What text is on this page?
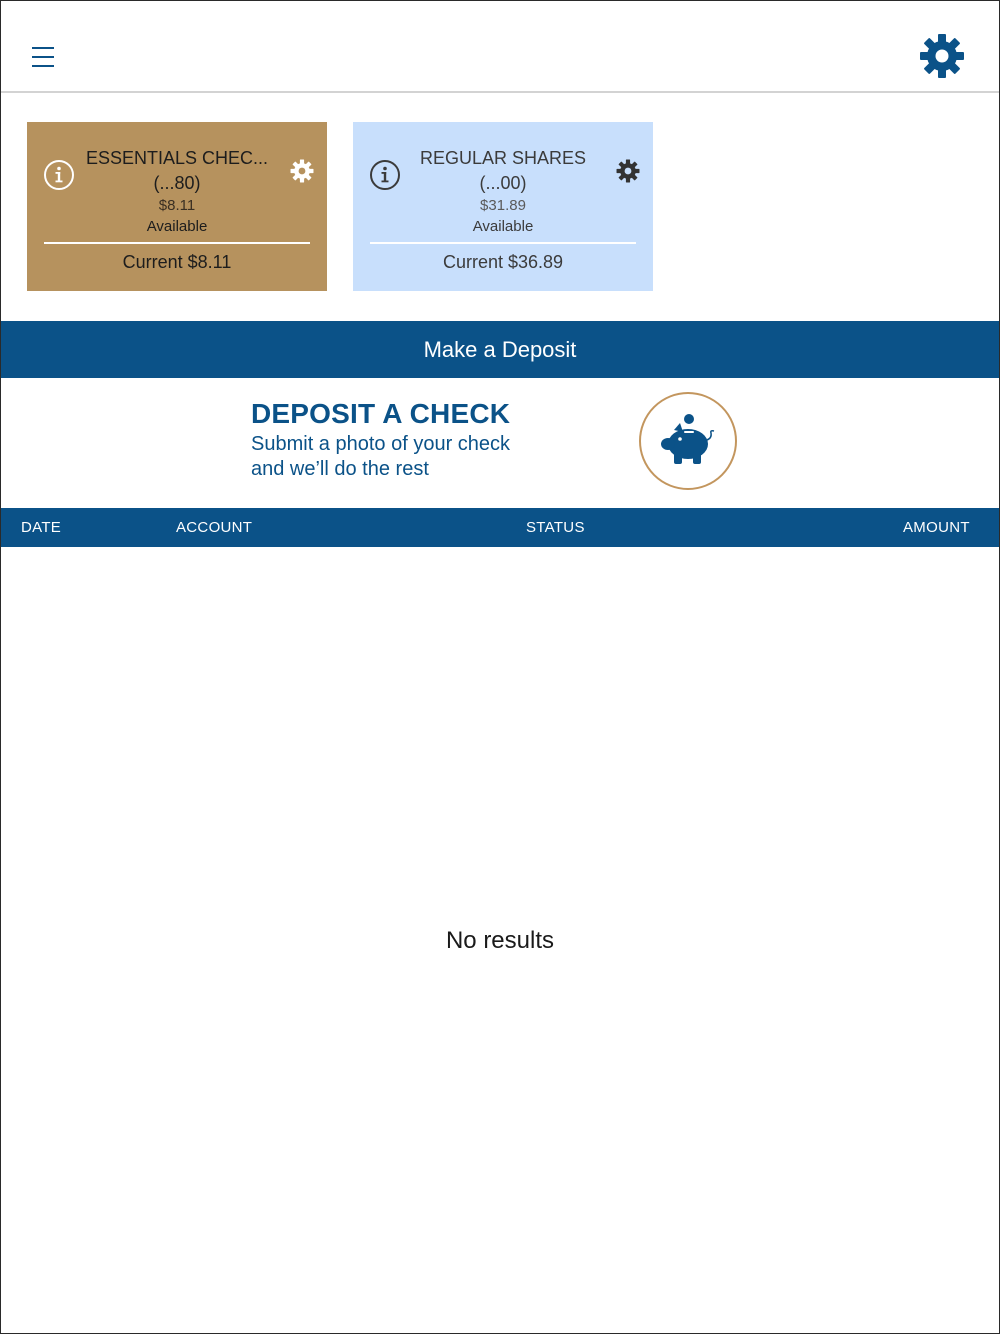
ESSENTIALS CHEC...
(...80)
$8.11
Available
Current $8.11
REGULAR SHARES
(...00)
$31.89
Available
Current $36.89
Make a Deposit
DEPOSIT A CHECK
Submit a photo of your check
and we’ll do the rest
DATE	ACCOUNT	STATUS	AMOUNT
No results
